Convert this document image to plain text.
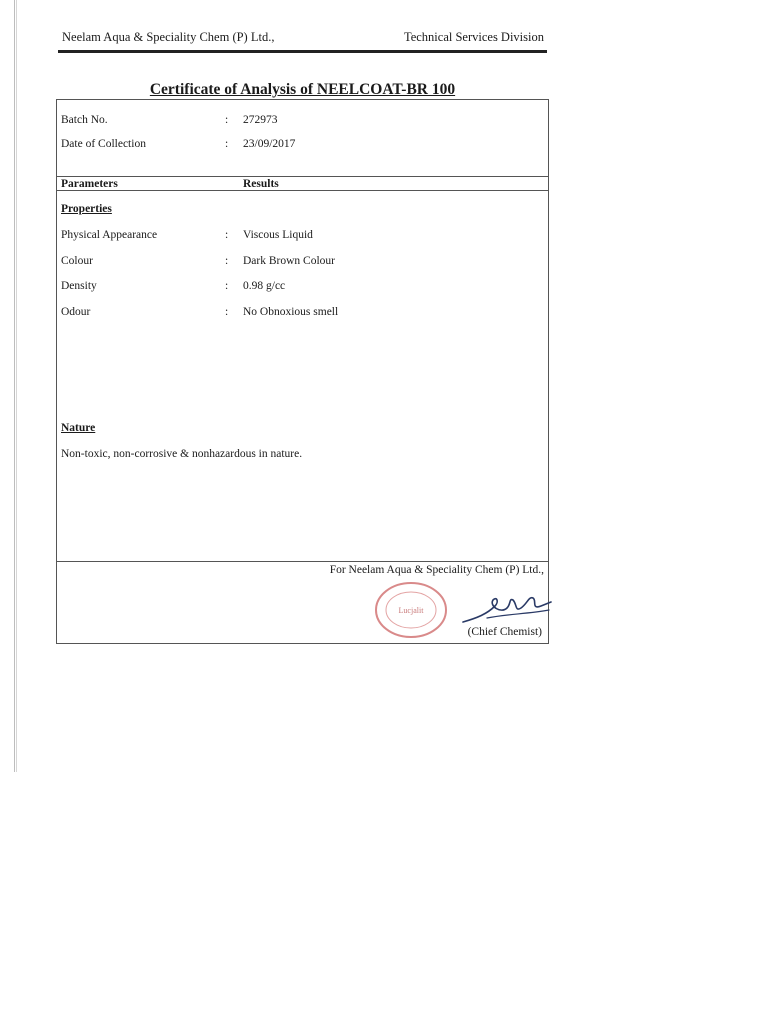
Neelam Aqua & Speciality Chem (P) Ltd.,	Technical Services Division
Certificate of Analysis of NEELCOAT-BR 100
Batch No.	: 272973
Date of Collection	: 23/09/2017
Parameters	Results
Properties
Physical Appearance	: Viscous Liquid
Colour	: Dark Brown Colour
Density	: 0.98 g/cc
Odour	: No Obnoxious smell
Nature
Non-toxic, non-corrosive & nonhazardous in nature.
For Neelam Aqua & Speciality Chem (P) Ltd.,
Lucjalit
(Chief Chemist)
